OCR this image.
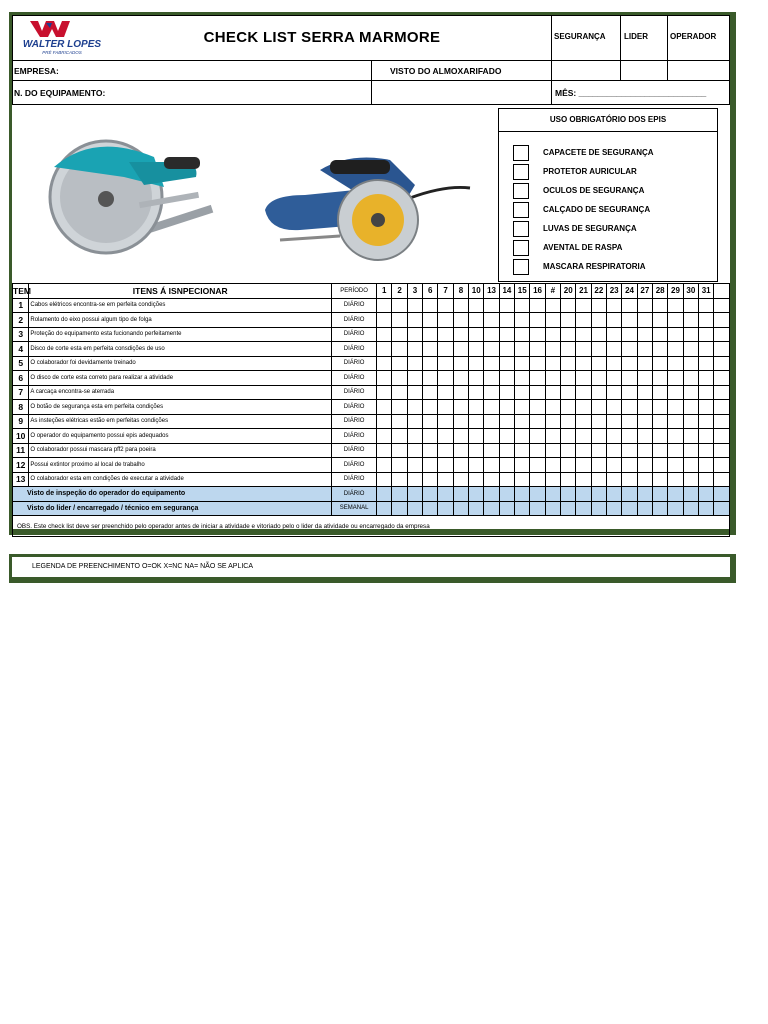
WALTER LOPES
PRÉ FABRICADOS
CHECK LIST SERRA MARMORE	SEGURANÇA	LIDER	OPERADOR
EMPRESA:	VISTO DO ALMOXARIFADO
N. DO EQUIPAMENTO:	MÊS: ___________________________
USO OBRIGATÓRIO DOS EPIS
CAPACETE DE SEGURANÇA
PROTETOR AURICULAR
OCULOS DE SEGURANÇA
CALÇADO DE SEGURANÇA
LUVAS DE SEGURANÇA
AVENTAL DE RASPA
MASCARA RESPIRATORIA
TEM	ITENS Á ISNPECIONAR	PERÍODO	1	2	3	6	7	8	10	13	14	15	16	#	20	21	22	23	24	27	28	29	30	31	
1	Cabos elétricos encontra-se em perfeita condições	DIÁRIO																							
2	Rolamento do eixo possui algum tipo de folga	DIÁRIO																							
3	Proteção do equipamento esta fucionando perfeitamente	DIÁRIO																							
4	Disco de corte esta em perfeita consdições de uso	DIÁRIO																							
5	O colaborador foi devidamente treinado	DIÁRIO																							
6	O disco de corte esta correto para realizar a atividade	DIÁRIO																							
7	A carcaça encontra-se aterrada	DIÁRIO																							
8	O botão de segurança esta em perfeita condições	DIÁRIO																							
9	As insteções elétricas estão em perfeitas condições	DIÁRIO																							
10	O operador do equipamento possui epis adequados	DIÁRIO																							
11	O colaborador possui mascara pff2 para poeira	DIÁRIO																							
12	Possui extintor proximo al local de trabalho	DIÁRIO																							
13	O colaborador esta em condições de executar a atividade	DIÁRIO																							
Visto de inspeção do operador do equipamento		DIÁRIO																							
Visto do lider / encarregado / técnico em segurança		SEMANAL																							
OBS. Este check list deve ser preenchido pelo operador antes de iniciar a atividade e vitoriado pelo o lider da atividade ou encarregado da empresa																									
LEGENDA DE PREENCHIMENTO O=OK X=NC NA= NÃO SE APLICA
